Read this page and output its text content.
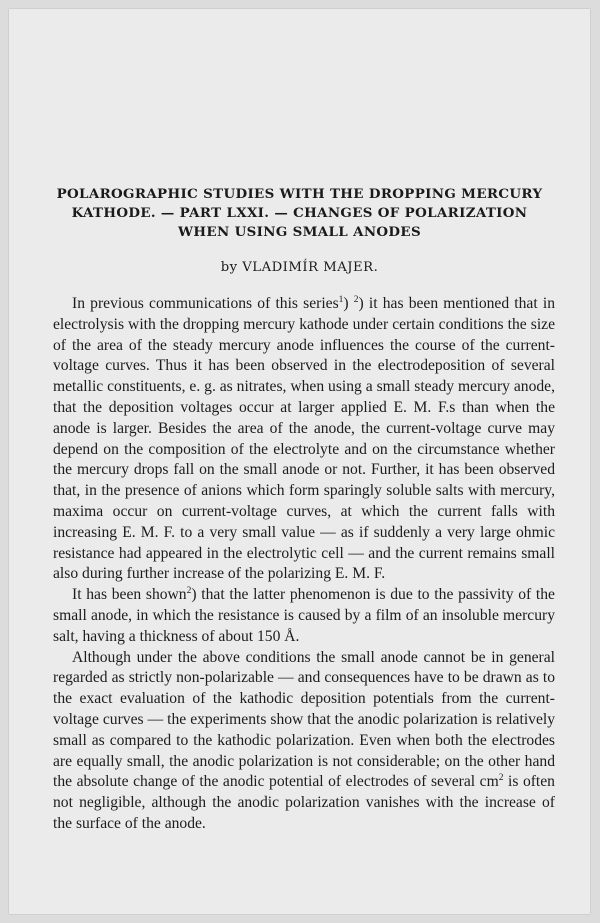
POLAROGRAPHIC STUDIES WITH THE DROPPING MERCURY
KATHODE. — PART LXXI. — CHANGES OF POLARIZATION
WHEN USING SMALL ANODES

by VLADIMÍR MAJER.

In previous communications of this series$^1$) $^2$) it has been mentioned that in electrolysis with the dropping mercury kathode under certain conditions the size of the area of the steady mercury anode influences the course of the current-voltage curves. Thus it has been observed in the electrodeposition of several metallic constituents, e. g. as nitrates, when using a small steady mercury anode, that the deposition voltages occur at larger applied E. M. F.s than when the anode is larger. Besides the area of the anode, the current-voltage curve may depend on the composition of the electrolyte and on the circumstance whether the mercury drops fall on the small anode or not. Further, it has been observed that, in the presence of anions which form sparingly soluble salts with mercury, maxima occur on current-voltage curves, at which the current falls with increasing E. M. F. to a very small value — as if suddenly a very large ohmic resistance had appeared in the electrolytic cell — and the current remains small also during further increase of the polarizing E. M. F.

It has been shown$^2$) that the latter phenomenon is due to the passivity of the small anode, in which the resistance is caused by a film of an insoluble mercury salt, having a thickness of about 150 Å.

Although under the above conditions the small anode cannot be in general regarded as strictly non-polarizable — and consequences have to be drawn as to the exact evaluation of the kathodic deposition potentials from the current-voltage curves — the experiments show that the anodic polarization is relatively small as compared to the kathodic polarization. Even when both the electrodes are equally small, the anodic polarization is not considerable; on the other hand the absolute change of the anodic potential of electrodes of several $cm^2$ is often not negligible, although the anodic polarization vanishes with the increase of the surface of the anode.
